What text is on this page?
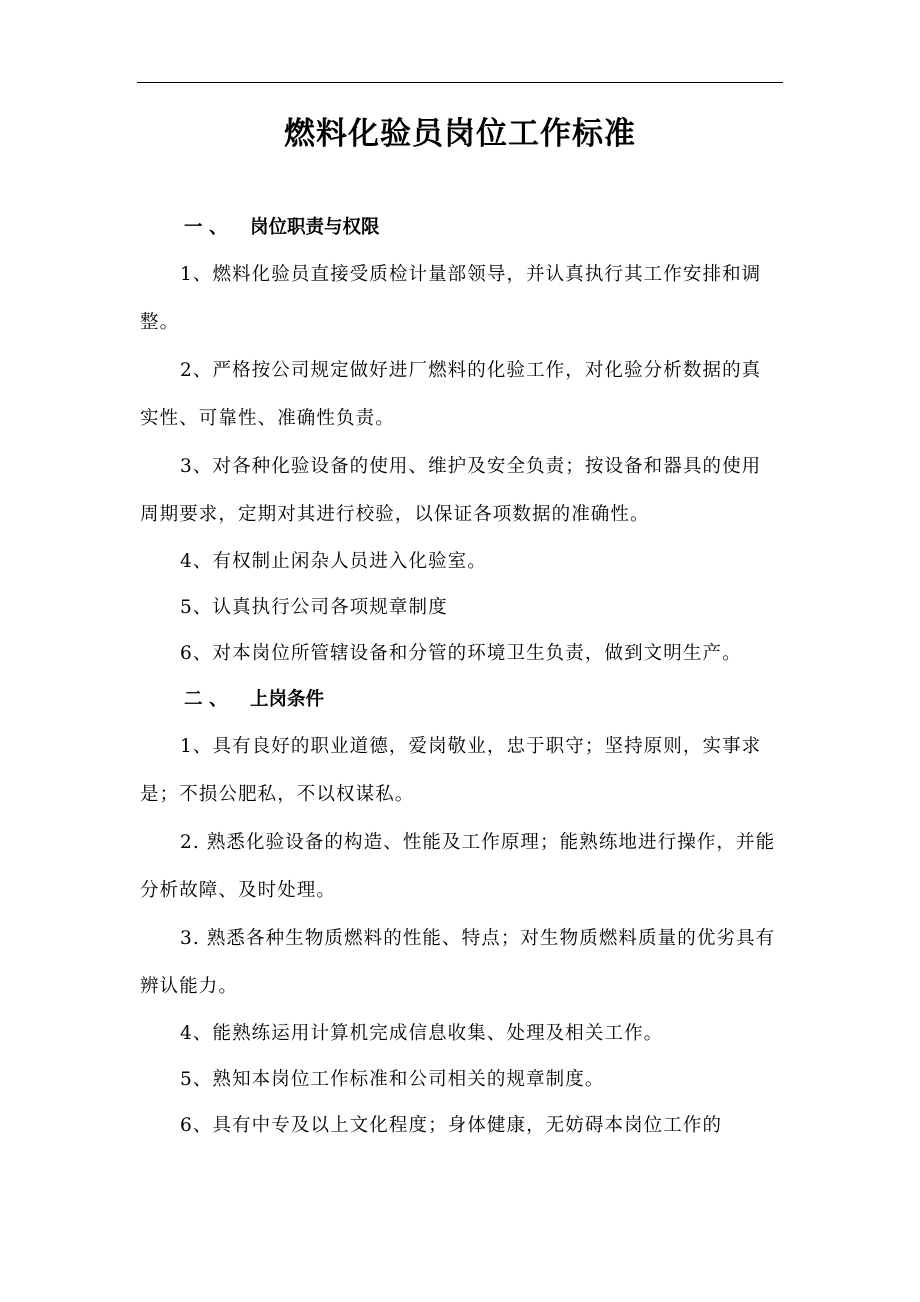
燃料化验员岗位工作标准
一 、 岗位职责与权限

1、燃料化验员直接受质检计量部领导，并认真执行其工作安排和调整。

2、严格按公司规定做好进厂燃料的化验工作，对化验分析数据的真实性、可靠性、准确性负责。

3、对各种化验设备的使用、维护及安全负责；按设备和器具的使用周期要求，定期对其进行校验，以保证各项数据的准确性。

4、有权制止闲杂人员进入化验室。

5、认真执行公司各项规章制度

6、对本岗位所管辖设备和分管的环境卫生负责，做到文明生产。

二 、 上岗条件

1、具有良好的职业道德，爱岗敬业，忠于职守；坚持原则，实事求是；不损公肥私，不以权谋私。

2. 熟悉化验设备的构造、性能及工作原理；能熟练地进行操作，并能分析故障、及时处理。

3. 熟悉各种生物质燃料的性能、特点；对生物质燃料质量的优劣具有辨认能力。

4、能熟练运用计算机完成信息收集、处理及相关工作。

5、熟知本岗位工作标准和公司相关的规章制度。

6、具有中专及以上文化程度；身体健康，无妨碍本岗位工作的
